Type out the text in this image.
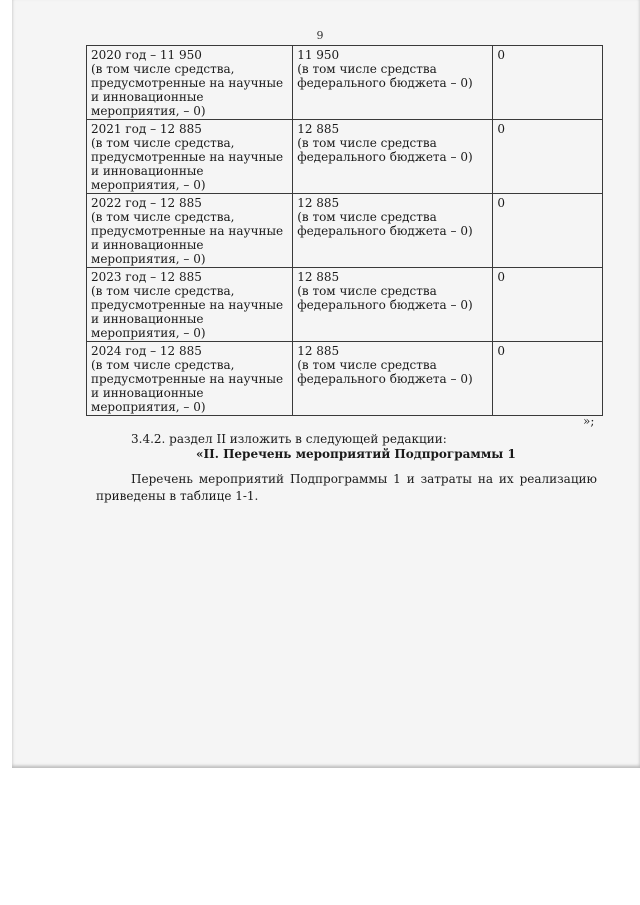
9
2020 год – 11 950
(в том числе средства,
предусмотренные на научные
и инновационные
мероприятия, – 0)	11 950
(в том числе средства
федерального бюджета – 0)	0

2021 год – 12 885
(в том числе средства,
предусмотренные на научные
и инновационные
мероприятия, – 0)	12 885
(в том числе средства
федерального бюджета – 0)	0

2022 год – 12 885
(в том числе средства,
предусмотренные на научные
и инновационные
мероприятия, – 0)	12 885
(в том числе средства
федерального бюджета – 0)	0

2023 год – 12 885
(в том числе средства,
предусмотренные на научные
и инновационные
мероприятия, – 0)	12 885
(в том числе средства
федерального бюджета – 0)	0

2024 год – 12 885
(в том числе средства,
предусмотренные на научные
и инновационные
мероприятия, – 0)	12 885
(в том числе средства
федерального бюджета – 0)	0
»;
3.4.2. раздел II изложить в следующей редакции:
«II. Перечень мероприятий Подпрограммы 1
Перечень мероприятий Подпрограммы 1 и затраты на их реализацию
приведены в таблице 1-1.
